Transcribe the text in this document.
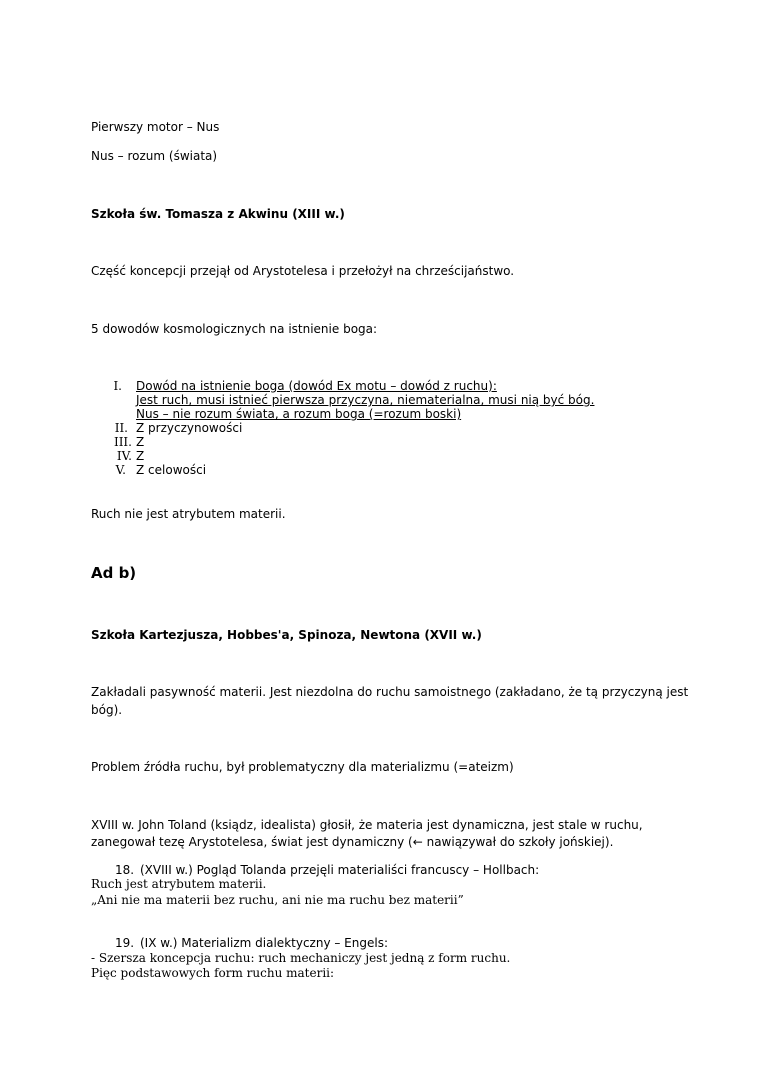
Pierwszy motor – Nus

Nus – rozum (świata)

Szkoła św. Tomasza z Akwinu (XIII w.)

Część koncepcji przejął od Arystotelesa i przełożył na chrześcijaństwo.

5 dowodów kosmologicznych na istnienie boga:

I. Dowód na istnienie boga (dowód Ex motu – dowód z ruchu):
Jest ruch, musi istnieć pierwsza przyczyna, niematerialna, musi nią być bóg.
Nus – nie rozum świata, a rozum boga (=rozum boski)
II. Z przyczynowości
III. Z
IV. Z
V. Z celowości

Ruch nie jest atrybutem materii.

Ad b)

Szkoła Kartezjusza, Hobbes'a, Spinoza, Newtona (XVII w.)

Zakładali pasywność materii. Jest niezdolna do ruchu samoistnego (zakładano, że tą przyczyną jest

bóg).

Problem źródła ruchu, był problematyczny dla materializmu (=ateizm)

XVIII w. John Toland (ksiądz, idealista) głosił, że materia jest dynamiczna, jest stale w ruchu,

zanegował tezę Arystotelesa, świat jest dynamiczny (← nawiązywał do szkoły jońskiej).

18. (XVIII w.) Pogląd Tolanda przejęli materialiści francuscy – Hollbach:

Ruch jest atrybutem materii.

„Ani nie ma materii bez ruchu, ani nie ma ruchu bez materii”

19. (IX w.) Materializm dialektyczny – Engels:

- Szersza koncepcja ruchu: ruch mechaniczy jest jedną z form ruchu.

Pięc podstawowych form ruchu materii:
